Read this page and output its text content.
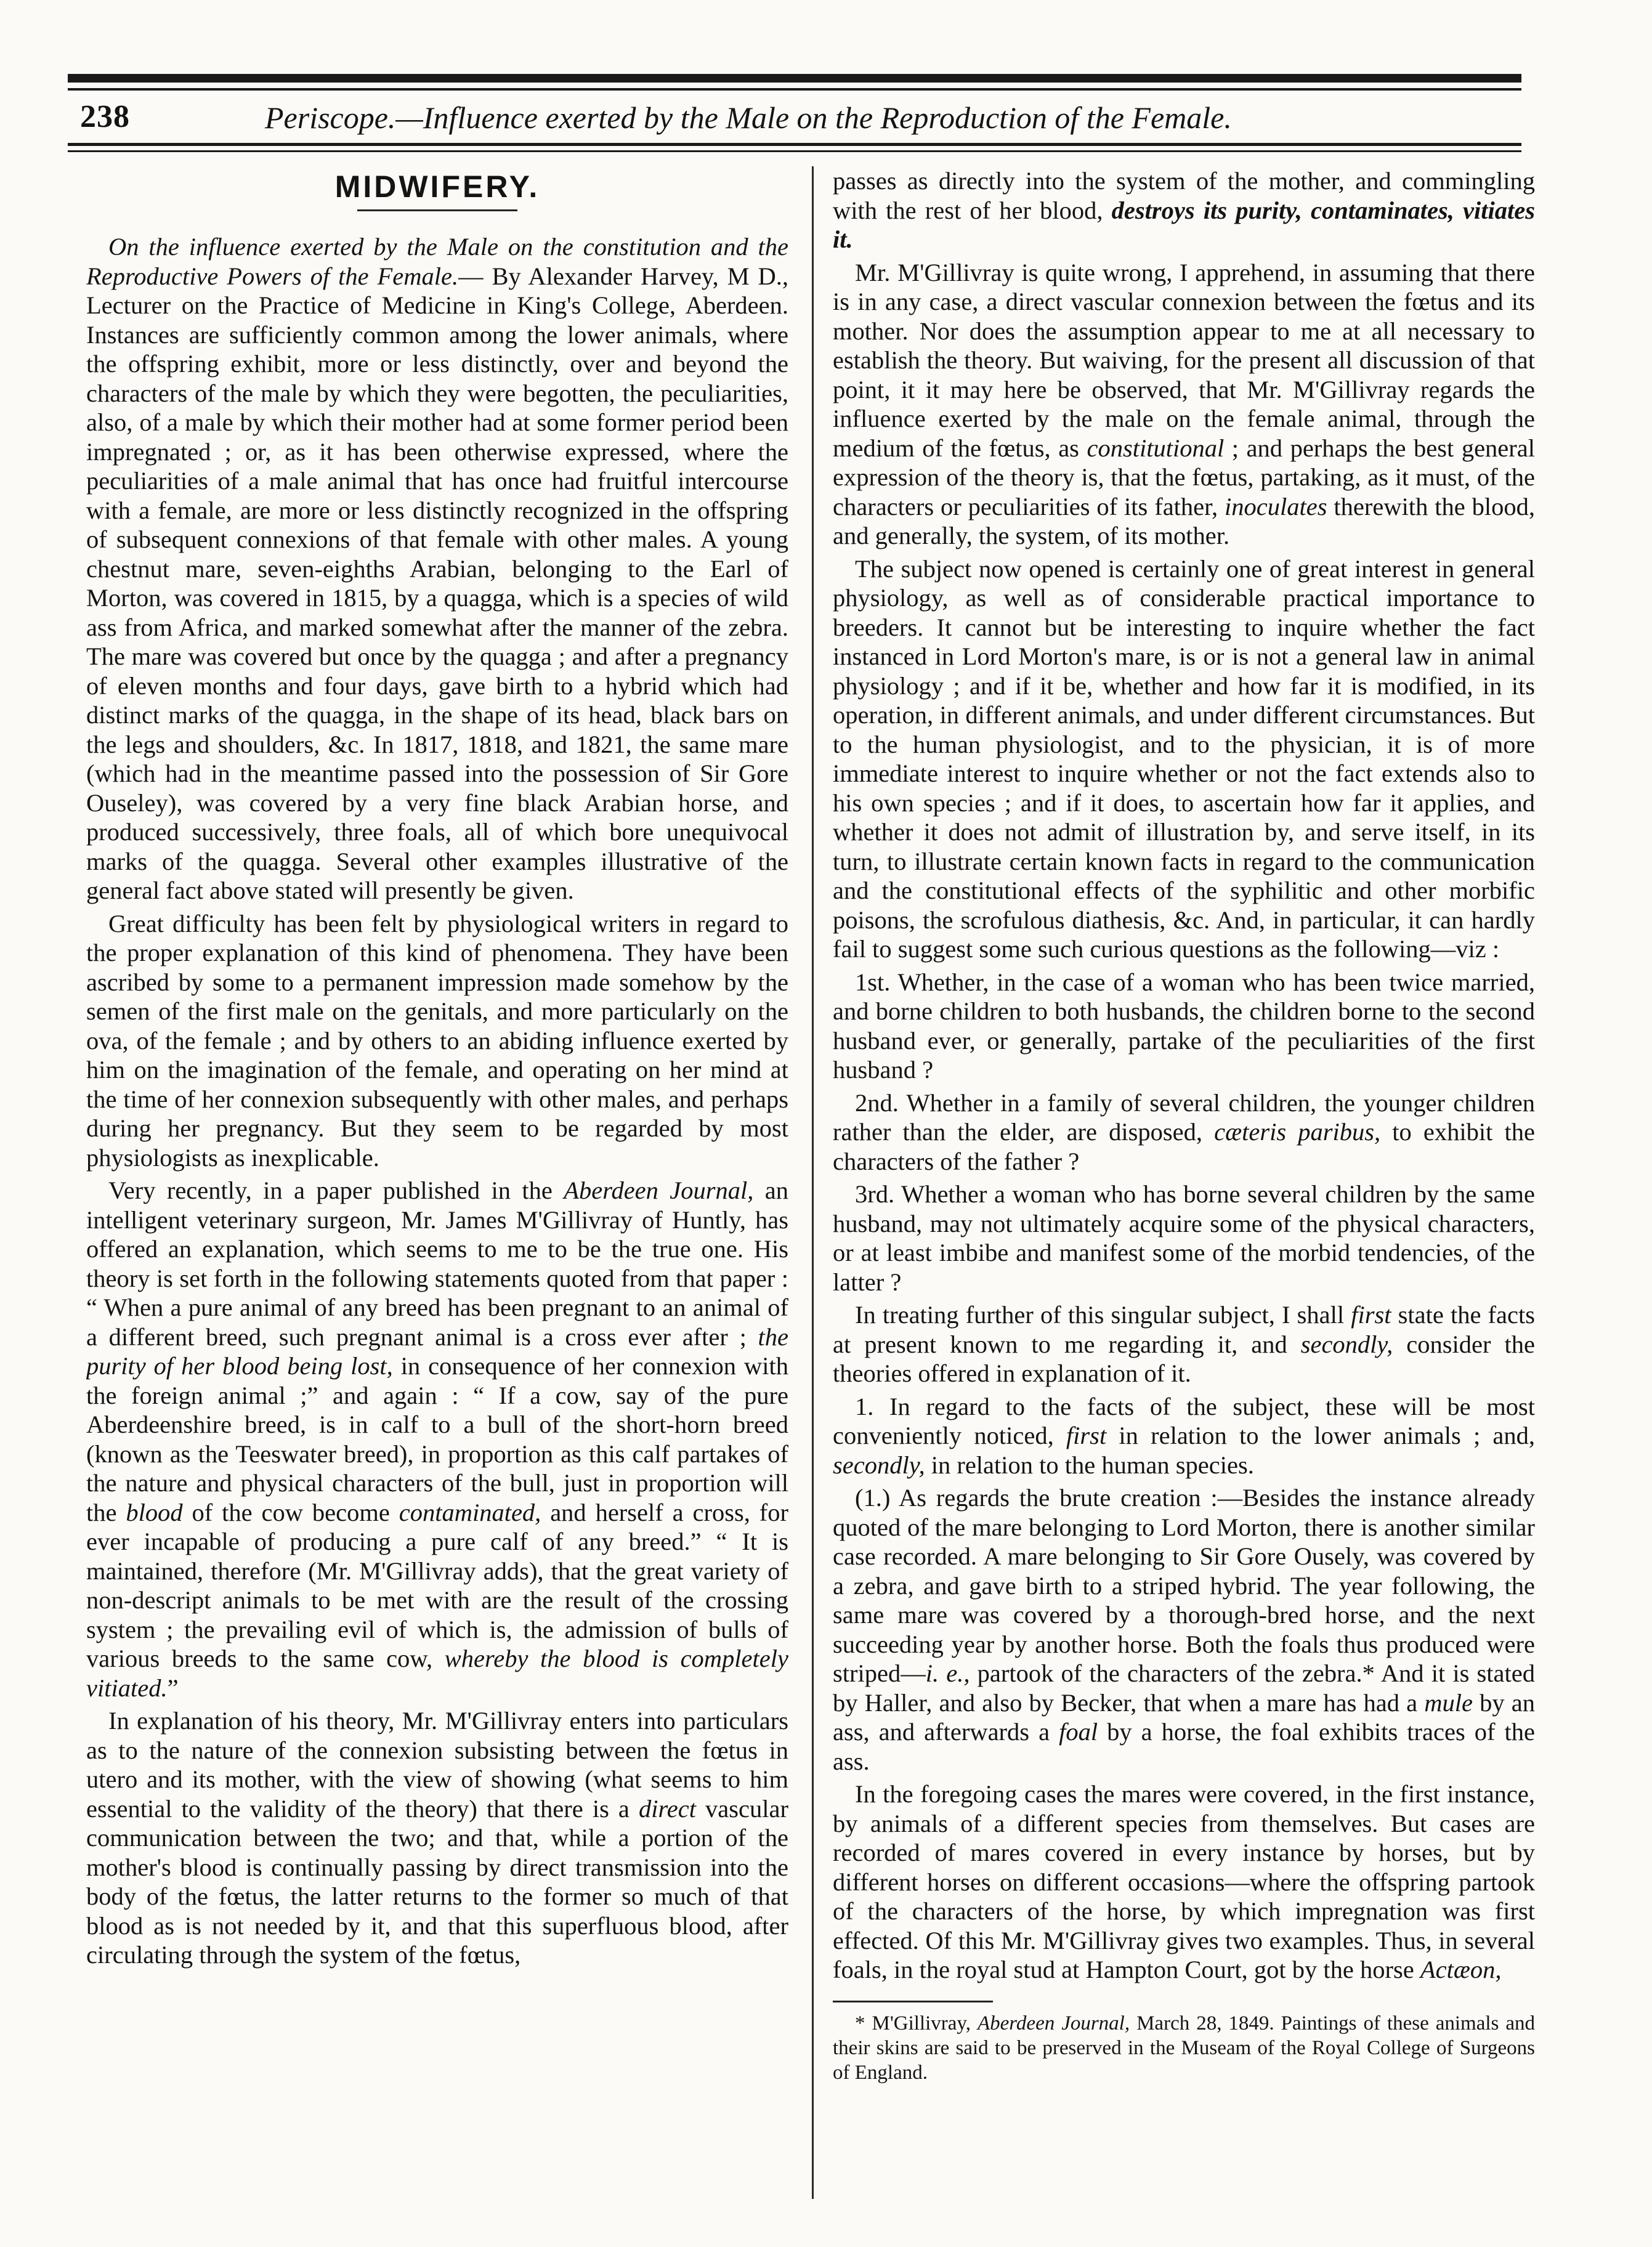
238	Periscope.—Influence exerted by the Male on the Reproduction of the Female.
MIDWIFERY.

On the influence exerted by the Male on the constitution and the Reproductive Powers of the Female.— By Alexander Harvey, M D., Lecturer on the Practice of Medicine in King's College, Aberdeen. Instances are sufficiently common among the lower animals, where the offspring exhibit, more or less distinctly, over and beyond the characters of the male by which they were begotten, the peculiarities, also, of a male by which their mother had at some former period been impregnated ; or, as it has been otherwise expressed, where the peculiarities of a male animal that has once had fruitful intercourse with a female, are more or less distinctly recognized in the offspring of subsequent connexions of that female with other males. A young chestnut mare, seven-eighths Arabian, belonging to the Earl of Morton, was covered in 1815, by a quagga, which is a species of wild ass from Africa, and marked somewhat after the manner of the zebra. The mare was covered but once by the quagga ; and after a pregnancy of eleven months and four days, gave birth to a hybrid which had distinct marks of the quagga, in the shape of its head, black bars on the legs and shoulders, &c. In 1817, 1818, and 1821, the same mare (which had in the meantime passed into the possession of Sir Gore Ouseley), was covered by a very fine black Arabian horse, and produced successively, three foals, all of which bore unequivocal marks of the quagga. Several other examples illustrative of the general fact above stated will presently be given.

Great difficulty has been felt by physiological writers in regard to the proper explanation of this kind of phenomena. They have been ascribed by some to a permanent impression made somehow by the semen of the first male on the genitals, and more particularly on the ova, of the female ; and by others to an abiding influence exerted by him on the imagination of the female, and operating on her mind at the time of her connexion subsequently with other males, and perhaps during her pregnancy. But they seem to be regarded by most physiologists as inexplicable.

Very recently, in a paper published in the Aberdeen Journal, an intelligent veterinary surgeon, Mr. James M'Gillivray of Huntly, has offered an explanation, which seems to me to be the true one. His theory is set forth in the following statements quoted from that paper : “ When a pure animal of any breed has been pregnant to an animal of a different breed, such pregnant animal is a cross ever after ; the purity of her blood being lost, in consequence of her connexion with the foreign animal ;” and again : “ If a cow, say of the pure Aberdeenshire breed, is in calf to a bull of the short-horn breed (known as the Teeswater breed), in proportion as this calf partakes of the nature and physical characters of the bull, just in proportion will the blood of the cow become contaminated, and herself a cross, for ever incapable of producing a pure calf of any breed.” “ It is maintained, therefore (Mr. M'Gillivray adds), that the great variety of non-descript animals to be met with are the result of the crossing system ; the prevailing evil of which is, the admission of bulls of various breeds to the same cow, whereby the blood is completely vitiated.”

In explanation of his theory, Mr. M'Gillivray enters into particulars as to the nature of the connexion subsisting between the fœtus in utero and its mother, with the view of showing (what seems to him essential to the validity of the theory) that there is a direct vascular communication between the two; and that, while a portion of the mother's blood is continually passing by direct transmission into the body of the fœtus, the latter returns to the former so much of that blood as is not needed by it, and that this superfluous blood, after circulating through the system of the fœtus,

passes as directly into the system of the mother, and commingling with the rest of her blood, destroys its purity, contaminates, vitiates it.

Mr. M'Gillivray is quite wrong, I apprehend, in assuming that there is in any case, a direct vascular connexion between the fœtus and its mother. Nor does the assumption appear to me at all necessary to establish the theory. But waiving, for the present all discussion of that point, it it may here be observed, that Mr. M'Gillivray regards the influence exerted by the male on the female animal, through the medium of the fœtus, as constitutional ; and perhaps the best general expression of the theory is, that the fœtus, partaking, as it must, of the characters or peculiarities of its father, inoculates therewith the blood, and generally, the system, of its mother.

The subject now opened is certainly one of great interest in general physiology, as well as of considerable practical importance to breeders. It cannot but be interesting to inquire whether the fact instanced in Lord Morton's mare, is or is not a general law in animal physiology ; and if it be, whether and how far it is modified, in its operation, in different animals, and under different circumstances. But to the human physiologist, and to the physician, it is of more immediate interest to inquire whether or not the fact extends also to his own species ; and if it does, to ascertain how far it applies, and whether it does not admit of illustration by, and serve itself, in its turn, to illustrate certain known facts in regard to the communication and the constitutional effects of the syphilitic and other morbific poisons, the scrofulous diathesis, &c. And, in particular, it can hardly fail to suggest some such curious questions as the following—viz :

1st. Whether, in the case of a woman who has been twice married, and borne children to both husbands, the children borne to the second husband ever, or generally, partake of the peculiarities of the first husband ?

2nd. Whether in a family of several children, the younger children rather than the elder, are disposed, cæteris paribus, to exhibit the characters of the father ?

3rd. Whether a woman who has borne several children by the same husband, may not ultimately acquire some of the physical characters, or at least imbibe and manifest some of the morbid tendencies, of the latter ?

In treating further of this singular subject, I shall first state the facts at present known to me regarding it, and secondly, consider the theories offered in explanation of it.

1. In regard to the facts of the subject, these will be most conveniently noticed, first in relation to the lower animals ; and, secondly, in relation to the human species.

(1.) As regards the brute creation :—Besides the instance already quoted of the mare belonging to Lord Morton, there is another similar case recorded. A mare belonging to Sir Gore Ousely, was covered by a zebra, and gave birth to a striped hybrid. The year following, the same mare was covered by a thorough-bred horse, and the next succeeding year by another horse. Both the foals thus produced were striped—i. e., partook of the characters of the zebra.* And it is stated by Haller, and also by Becker, that when a mare has had a mule by an ass, and afterwards a foal by a horse, the foal exhibits traces of the ass.

In the foregoing cases the mares were covered, in the first instance, by animals of a different species from themselves. But cases are recorded of mares covered in every instance by horses, but by different horses on different occasions—where the offspring partook of the characters of the horse, by which impregnation was first effected. Of this Mr. M'Gillivray gives two examples. Thus, in several foals, in the royal stud at Hampton Court, got by the horse Actæon,

* M'Gillivray, Aberdeen Journal, March 28, 1849. Paintings of these animals and their skins are said to be preserved in the Museam of the Royal College of Surgeons of England.
